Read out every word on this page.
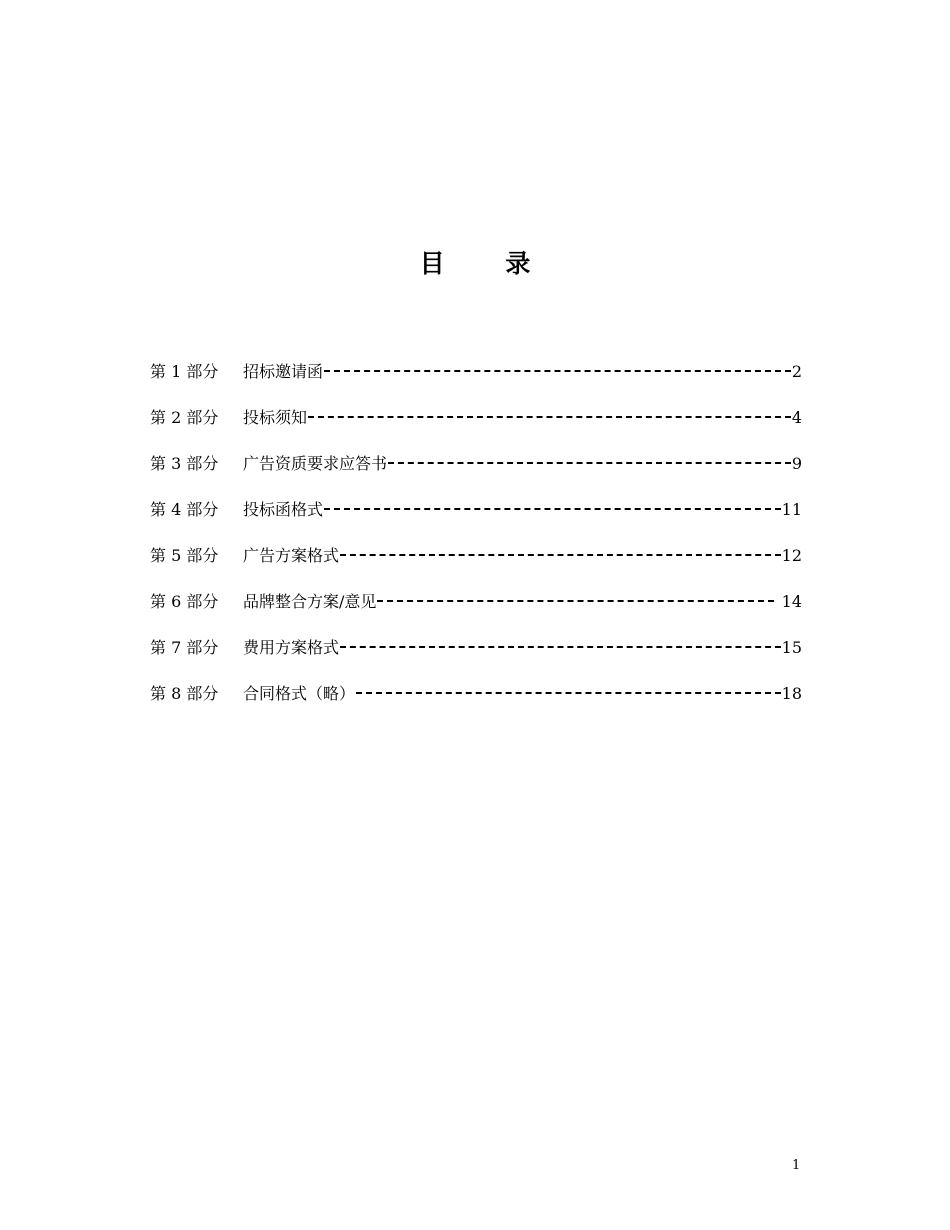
目 录
第 1 部分	招标邀请函	2
第 2 部分	投标须知	4
第 3 部分	广告资质要求应答书	9
第 4 部分	投标函格式	11
第 5 部分	广告方案格式	12
第 6 部分	品牌整合方案/意见	14
第 7 部分	费用方案格式	15
第 8 部分	合同格式（略）	18
1
